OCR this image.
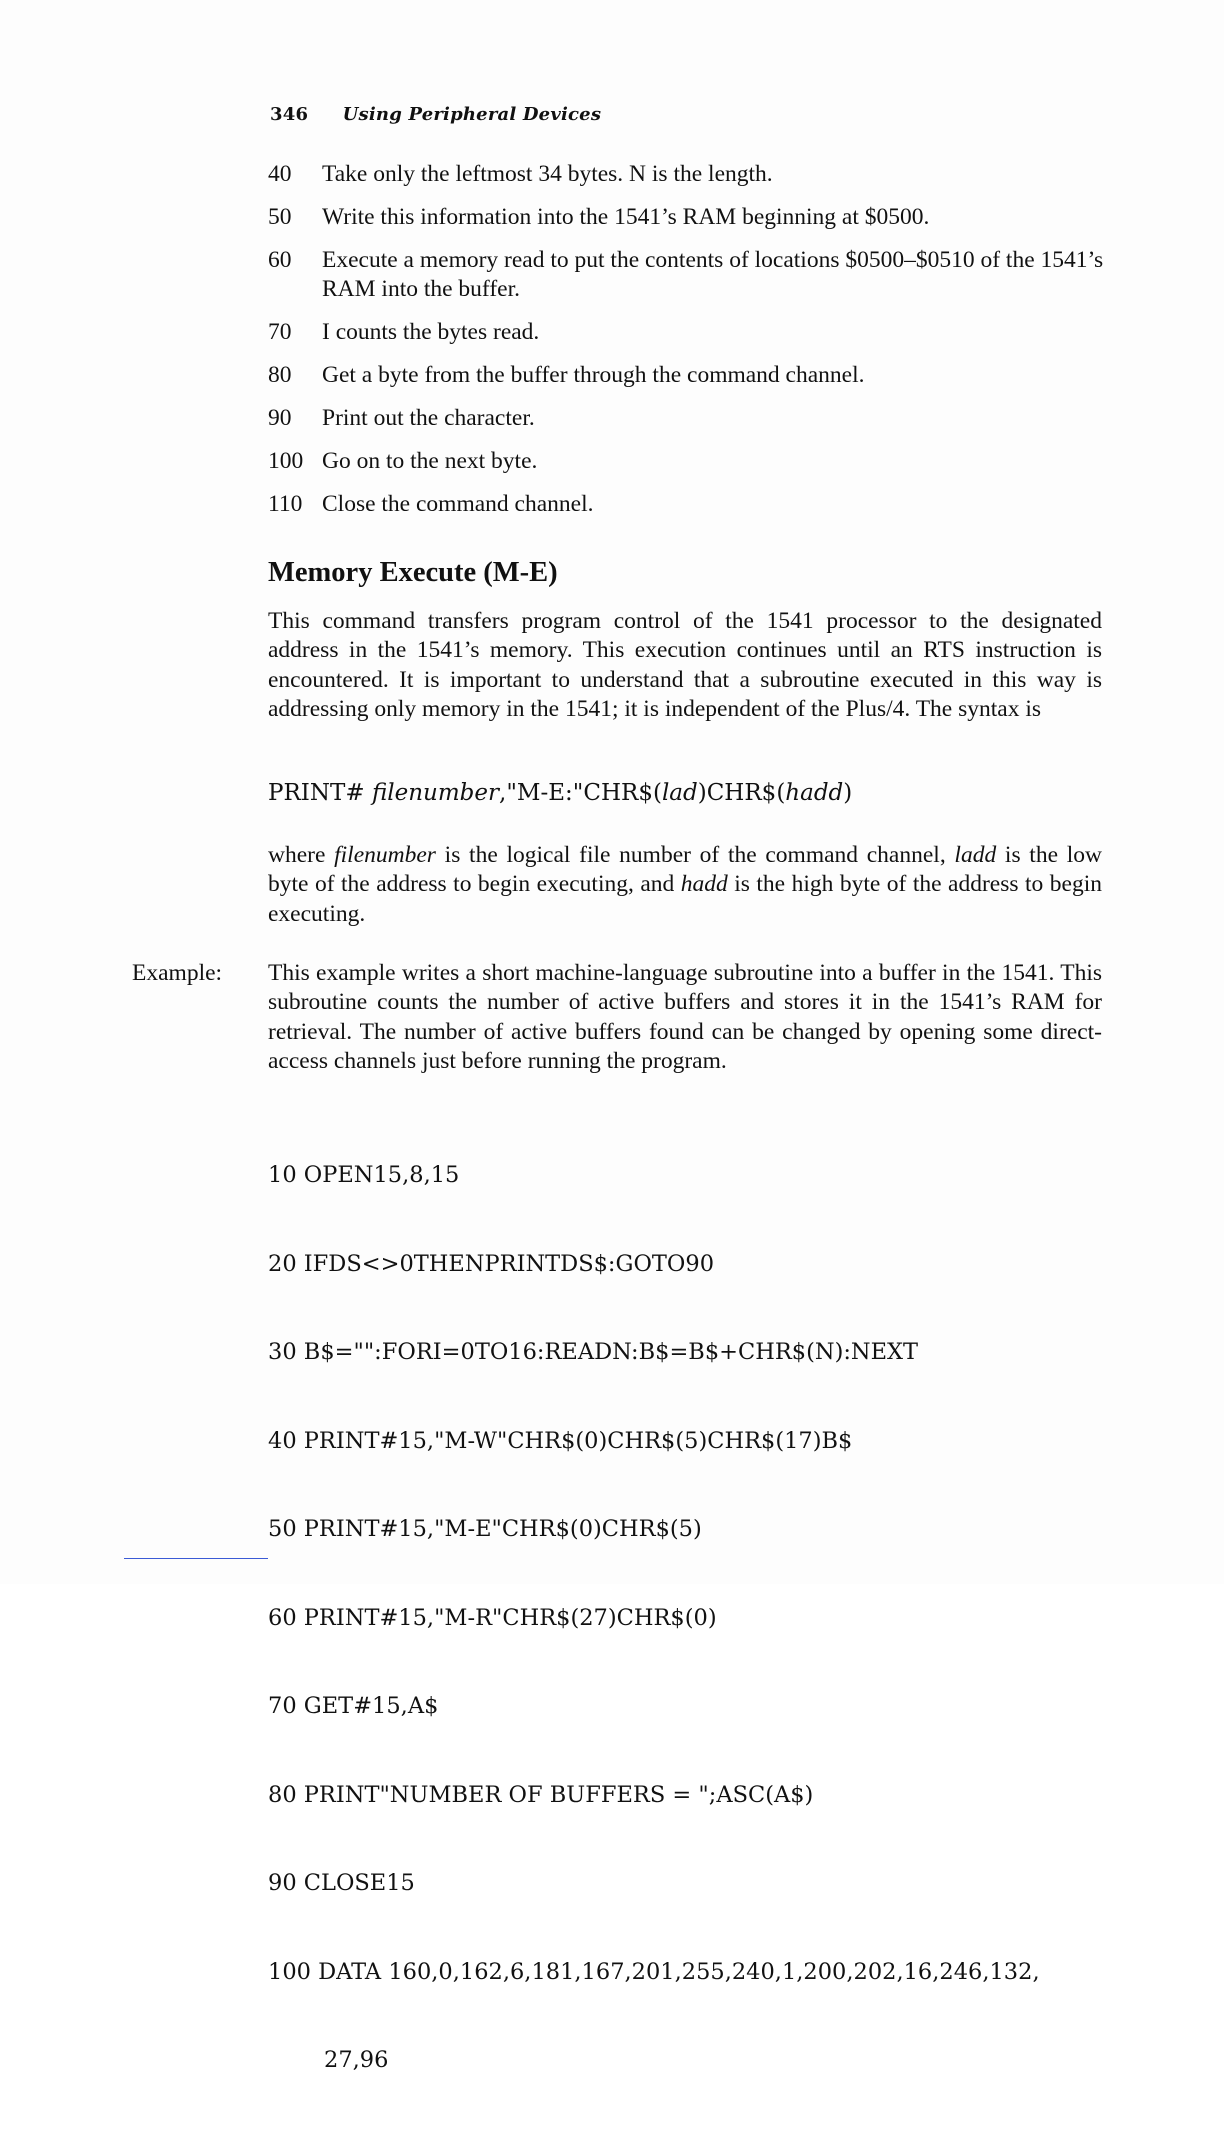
346 Using Peripheral Devices
40	Take only the leftmost 34 bytes. N is the length.
50	Write this information into the 1541’s RAM beginning at $0500.
60	Execute a memory read to put the contents of locations $0500–$0510 of the 1541’s RAM into the buffer.
70	I counts the bytes read.
80	Get a byte from the buffer through the command channel.
90	Print out the character.
100 Go on to the next byte.
110 Close the command channel.
Memory Execute (M-E)

This command transfers program control of the 1541 processor to the designated address in the 1541’s memory. This execution continues until an RTS instruction is encountered. It is important to understand that a subroutine executed in this way is addressing only memory in the 1541; it is independent of the Plus/4. The syntax is

PRINT# filenumber,"M-E:"CHR$(lad)CHR$(hadd)

where filenumber is the logical file number of the command channel, ladd is the low byte of the address to begin executing, and hadd is the high byte of the address to begin executing.

Example: This example writes a short machine-language subroutine into a buffer in the 1541. This subroutine counts the number of active buffers and stores it in the 1541’s RAM for retrieval. The number of active buffers found can be changed by opening some direct-access channels just before running the program.

10 OPEN15,8,15

20 IFDS<>0THENPRINTDS$:GOTO90

30 B$="":FORI=0TO16:READN:B$=B$+CHR$(N):NEXT

40 PRINT#15,"M-W"CHR$(0)CHR$(5)CHR$(17)B$

50 PRINT#15,"M-E"CHR$(0)CHR$(5)

60 PRINT#15,"M-R"CHR$(27)CHR$(0)

70 GET#15,A$

80 PRINT"NUMBER OF BUFFERS = ";ASC(A$)

90 CLOSE15

100 DATA 160,0,162,6,181,167,201,255,240,1,200,202,16,246,132,

27,96
